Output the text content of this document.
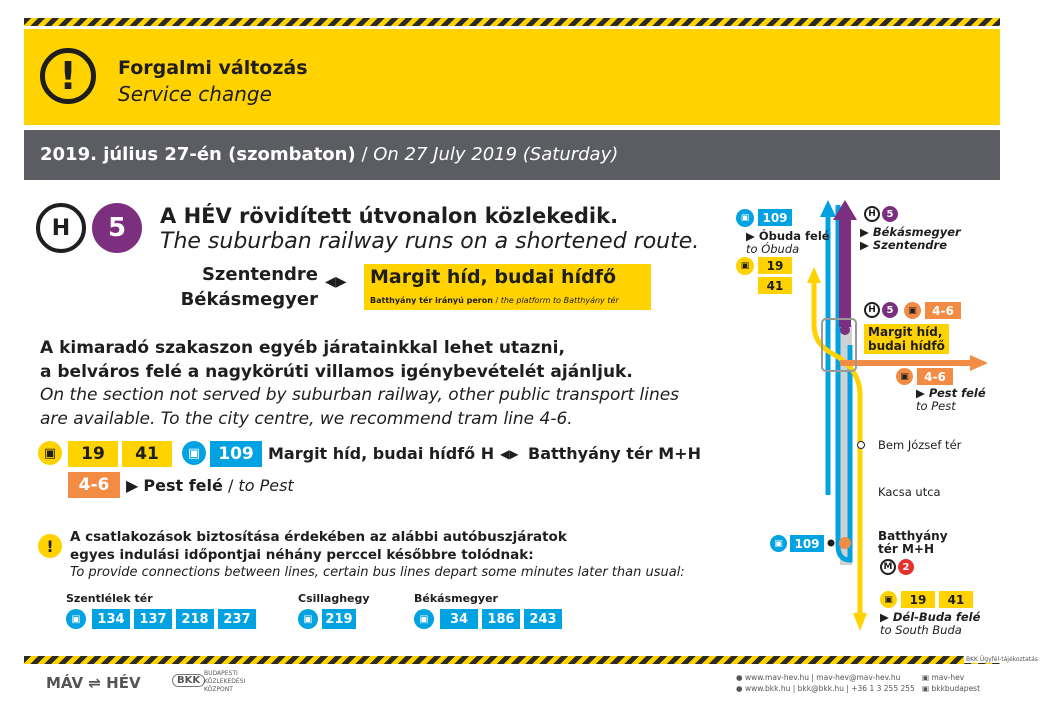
!	Forgalmi változás
Service change
2019. július 27-én (szombaton) / On 27 July 2019 (Saturday)
H	5	A HÉV rövidített útvonalon közlekedik.
The suburban railway runs on a shortened route.
Szentendre
Békásmegyer
◀▶ Margit híd, budai hídfő
Batthyány tér irányú peron / the platform to Batthyány tér
A kimaradó szakaszon egyéb járatainkkal lehet utazni,
a belváros felé a nagykörúti villamos igénybevételét ajánljuk.
On the section not served by suburban railway, other public transport lines
are available. To the city centre, we recommend tram line 4-6.
▣	19	41	▣	109 Margit híd, budai hídfő H ◀▶ Batthyány tér M+H
4-6	▶ Pest felé / to Pest
!	A csatlakozások biztosítása érdekében az alábbi autóbuszjáratok
egyes indulási időpontjai néhány perccel későbbre tolódnak:
To provide connections between lines, certain bus lines depart some minutes later than usual:
Szentlélek tér
▣	134	137	218	237
Csillaghegy
▣ 219
Békásmegyer
▣	34	186	243
▣	109
▶ Óbuda felé
to Óbuda
▣	19
41
H	5
▶ Békásmegyer
▶ Szentendre
H	5	▣	4-6
Margit híd,
budai hídfő
▣	4-6
▶ Pest felé
to Pest
Bem József tér
Kacsa utca
▣ 109
Batthyány
tér M+H
M	2
▣	19	41
▶ Dél-Buda felé
to South Buda
BKK Ügyfél-tájékoztatás
MÁV ⇌ HÉV	BKK
BUDAPESTI
KÖZLEKEDÉSI
KÖZPONT
● www.mav-hev.hu | mav-hev@mav-hev.hu
● www.bkk.hu | bkk@bkk.hu | +36 1 3 255 255
▣ mav-hev
▣ bkkbudapest
